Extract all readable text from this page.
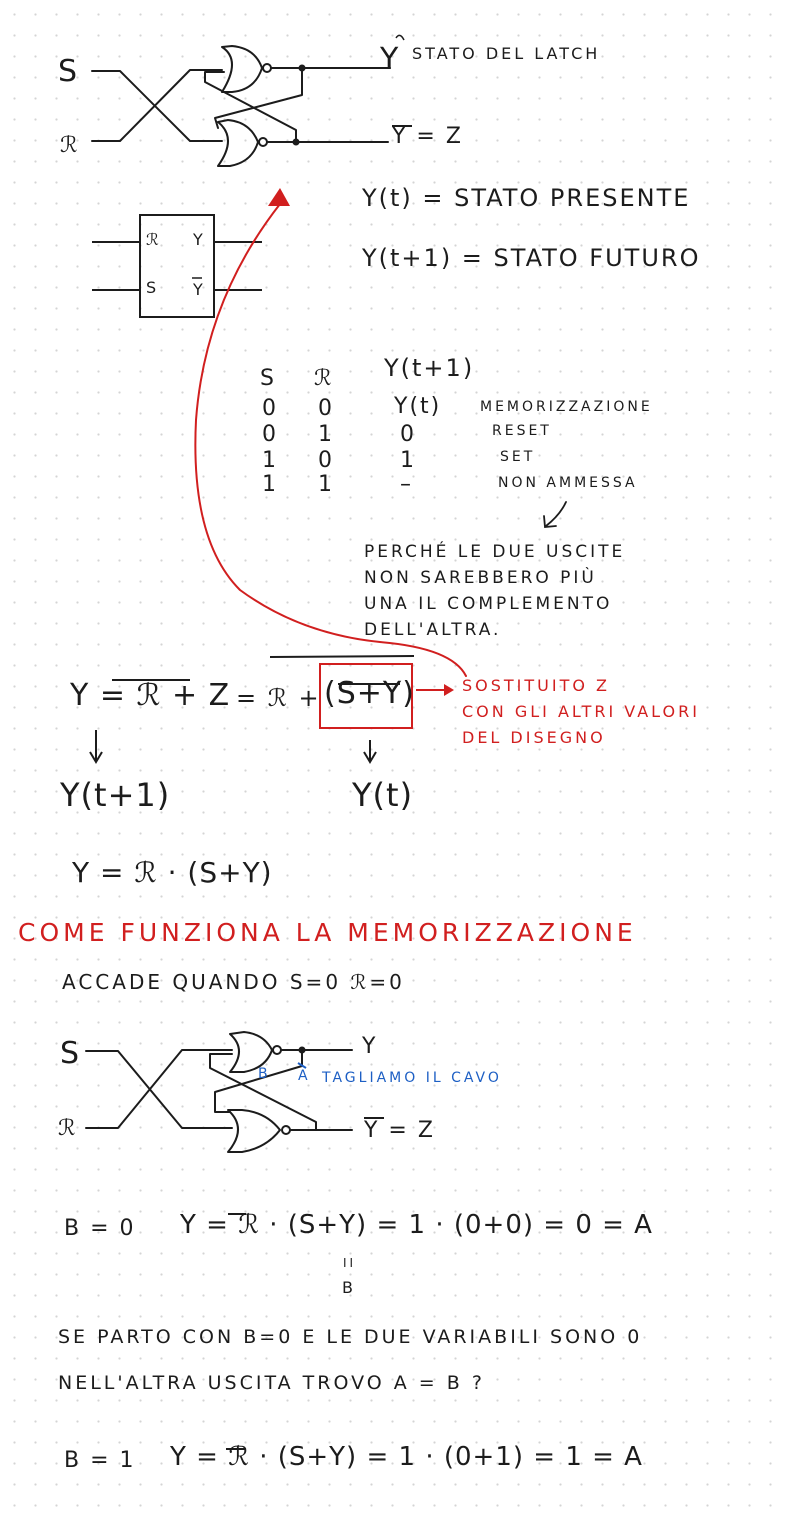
S
ℛ
Y STATO DEL LATCH
Y = Z
ℛ
S
Y
Y
Y(t) = STATO PRESENTE
Y(t+1) = STATO FUTURO
S ℛ Y(t+1)
0 0	Y(t)	MEMORIZZAZIONE
0 1	0	RESET
1 0	1	SET
1 1	–	NON AMMESSA
PERCHÉ LE DUE USCITE
NON SAREBBERO PIÙ
UNA IL COMPLEMENTO
DELL'ALTRA.
Y = ℛ + Z = ℛ + (S+Y)	SOSTITUITO Z
CON GLI ALTRI VALORI
DEL DISEGNO
Y(t+1)	Y(t)
Y = ℛ · (S+Y)
COME FUNZIONA LA MEMORIZZAZIONE
ACCADE QUANDO S=0 ℛ=0
S
ℛ
Y
Y = Z
B A TAGLIAMO IL CAVO
B = 0 Y = ℛ · (S+Y) = 1 · (0+0) = 0 = A
II
B
SE PARTO CON B=0 E LE DUE VARIABILI SONO 0
NELL'ALTRA USCITA TROVO A = B ?
B = 1 Y = ℛ · (S+Y) = 1 · (0+1) = 1 = A
